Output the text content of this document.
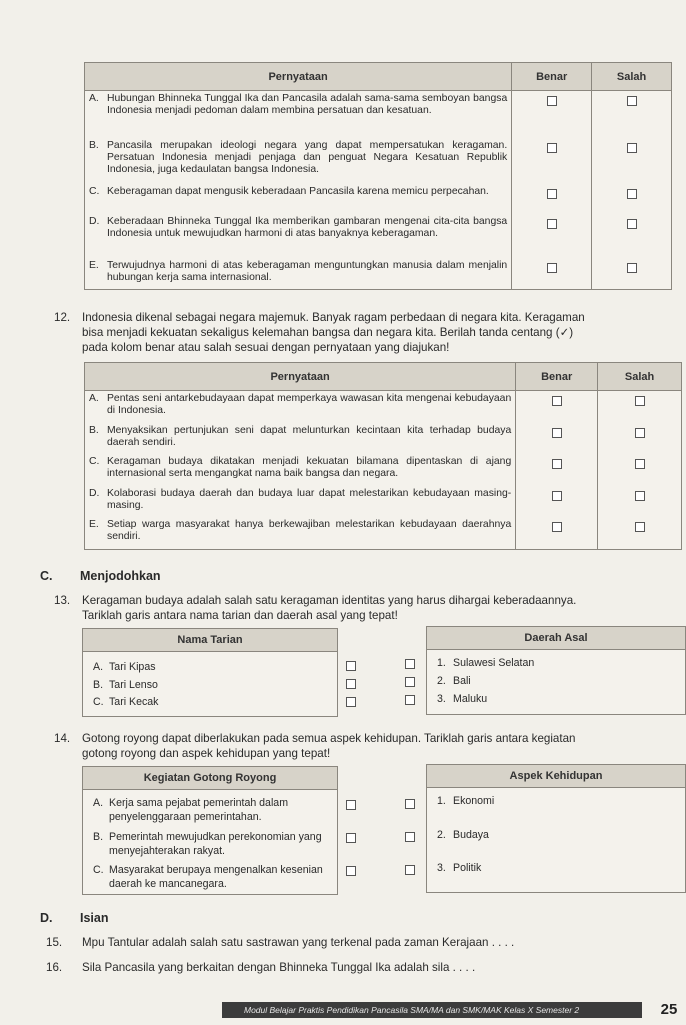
Pernyataan	Benar	Salah

A. Hubungan Bhinneka Tunggal Ika dan Pancasila adalah sama-sama semboyan bangsa Indonesia menjadi pedoman dalam membina persatuan dan kesatuan.		

B. Pancasila merupakan ideologi negara yang dapat mempersatukan keragaman. Persatuan Indonesia menjadi penjaga dan penguat Negara Kesatuan Republik Indonesia, juga kedaulatan bangsa Indonesia.		

C. Keberagaman dapat mengusik keberadaan Pancasila karena memicu perpecahan.		

D. Keberadaan Bhinneka Tunggal Ika memberikan gambaran mengenai cita-cita bangsa Indonesia untuk mewujudkan harmoni di atas banyaknya keberagaman.		

E. Terwujudnya harmoni di atas keberagaman menguntungkan manusia dalam menjalin hubungan kerja sama internasional.		

12. Indonesia dikenal sebagai negara majemuk. Banyak ragam perbedaan di negara kita. Keragaman
bisa menjadi kekuatan sekaligus kelemahan bangsa dan negara kita. Berilah tanda centang (✓)
pada kolom benar atau salah sesuai dengan pernyataan yang diajukan!
Pernyataan	Benar	Salah

A. Pentas seni antarkebudayaan dapat memperkaya wawasan kita mengenai kebudayaan di Indonesia.		

B. Menyaksikan pertunjukan seni dapat melunturkan kecintaan kita terhadap budaya daerah sendiri.		

C. Keragaman budaya dikatakan menjadi kekuatan bilamana dipentaskan di ajang internasional serta mengangkat nama baik bangsa dan negara.		

D. Kolaborasi budaya daerah dan budaya luar dapat melestarikan kebudayaan masing-masing.		

E. Setiap warga masyarakat hanya berkewajiban melestarikan kebudayaan daerahnya sendiri.		

C. Menjodohkan
13. Keragaman budaya adalah salah satu keragaman identitas yang harus dihargai keberadaannya.
Tariklah garis antara nama tarian dan daerah asal yang tepat!
Nama Tarian
A. Tari Kipas
B. Tari Lenso
C. Tari Kecak
Daerah Asal
1. Sulawesi Selatan
2. Bali
3. Maluku
14. Gotong royong dapat diberlakukan pada semua aspek kehidupan. Tariklah garis antara kegiatan
gotong royong dan aspek kehidupan yang tepat!
Kegiatan Gotong Royong
A. Kerja sama pejabat pemerintah dalam penyelenggaraan pemerintahan.
B. Pemerintah mewujudkan perekonomian yang menyejahterakan rakyat.
C. Masyarakat berupaya mengenalkan kesenian daerah ke mancanegara.
Aspek Kehidupan
1. Ekonomi
2. Budaya
3. Politik
D. Isian
15. Mpu Tantular adalah salah satu sastrawan yang terkenal pada zaman Kerajaan . . . .
16. Sila Pancasila yang berkaitan dengan Bhinneka Tunggal Ika adalah sila . . . .
Modul Belajar Praktis Pendidikan Pancasila SMA/MA dan SMK/MAK Kelas X Semester 2	25
